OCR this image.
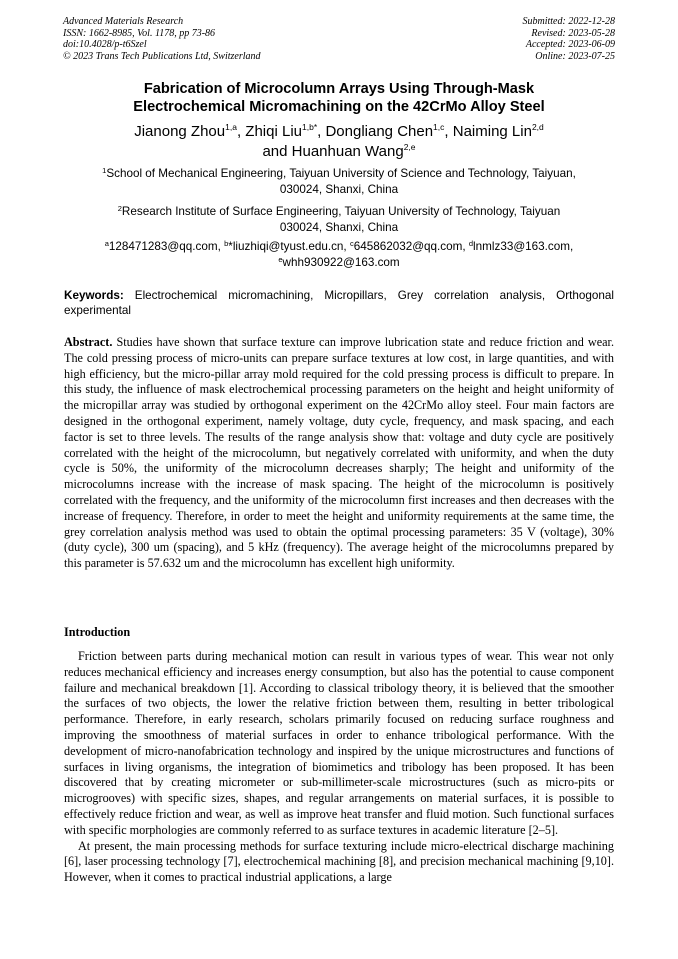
Advanced Materials Research
ISSN: 1662-8985, Vol. 1178, pp 73-86
doi:10.4028/p-t6Szel
© 2023 Trans Tech Publications Ltd, Switzerland
Submitted: 2022-12-28
Revised: 2023-05-28
Accepted: 2023-06-09
Online: 2023-07-25
Fabrication of Microcolumn Arrays Using Through-Mask
Electrochemical Micromachining on the 42CrMo Alloy Steel
Jianong Zhou$^{1,a}$, Zhiqi Liu$^{1,b*}$, Dongliang Chen$^{1,c}$, Naiming Lin$^{2,d}$
and Huanhuan Wang$^{2,e}$
$^1$School of Mechanical Engineering, Taiyuan University of Science and Technology, Taiyuan,
030024, Shanxi, China
$^2$Research Institute of Surface Engineering, Taiyuan University of Technology, Taiyuan
030024, Shanxi, China
$^a$128471283@qq.com, $^b$*liuzhiqi@tyust.edu.cn, $^c$645862032@qq.com, $^d$lnmlz33@163.com,
$^e$whh930922@163.com
Keywords: Electrochemical micromachining, Micropillars, Grey correlation analysis, Orthogonal experimental
Abstract. Studies have shown that surface texture can improve lubrication state and reduce friction and wear. The cold pressing process of micro-units can prepare surface textures at low cost, in large quantities, and with high efficiency, but the micro-pillar array mold required for the cold pressing process is difficult to prepare. In this study, the influence of mask electrochemical processing parameters on the height and height uniformity of the micropillar array was studied by orthogonal experiment on the 42CrMo alloy steel. Four main factors are designed in the orthogonal experiment, namely voltage, duty cycle, frequency, and mask spacing, and each factor is set to three levels. The results of the range analysis show that: voltage and duty cycle are positively correlated with the height of the microcolumn, but negatively correlated with uniformity, and when the duty cycle is 50%, the uniformity of the microcolumn decreases sharply; The height and uniformity of the microcolumns increase with the increase of mask spacing. The height of the microcolumn is positively correlated with the frequency, and the uniformity of the microcolumn first increases and then decreases with the increase of frequency. Therefore, in order to meet the height and uniformity requirements at the same time, the grey correlation analysis method was used to obtain the optimal processing parameters: 35 V (voltage), 30% (duty cycle), 300 um (spacing), and 5 kHz (frequency). The average height of the microcolumns prepared by this parameter is 57.632 um and the microcolumn has excellent high uniformity.
Introduction

Friction between parts during mechanical motion can result in various types of wear. This wear not only reduces mechanical efficiency and increases energy consumption, but also has the potential to cause component failure and mechanical breakdown [1]. According to classical tribology theory, it is believed that the smoother the surfaces of two objects, the lower the relative friction between them, resulting in better tribological performance. Therefore, in early research, scholars primarily focused on reducing surface roughness and improving the smoothness of material surfaces in order to enhance tribological performance. With the development of micro-nanofabrication technology and inspired by the unique microstructures and functions of surfaces in living organisms, the integration of biomimetics and tribology has been proposed. It has been discovered that by creating micrometer or sub-millimeter-scale microstructures (such as micro-pits or microgrooves) with specific sizes, shapes, and regular arrangements on material surfaces, it is possible to effectively reduce friction and wear, as well as improve heat transfer and fluid motion. Such functional surfaces with specific morphologies are commonly referred to as surface textures in academic literature [2–5].

At present, the main processing methods for surface texturing include micro-electrical discharge machining [6], laser processing technology [7], electrochemical machining [8], and precision mechanical machining [9,10]. However, when it comes to practical industrial applications, a large
